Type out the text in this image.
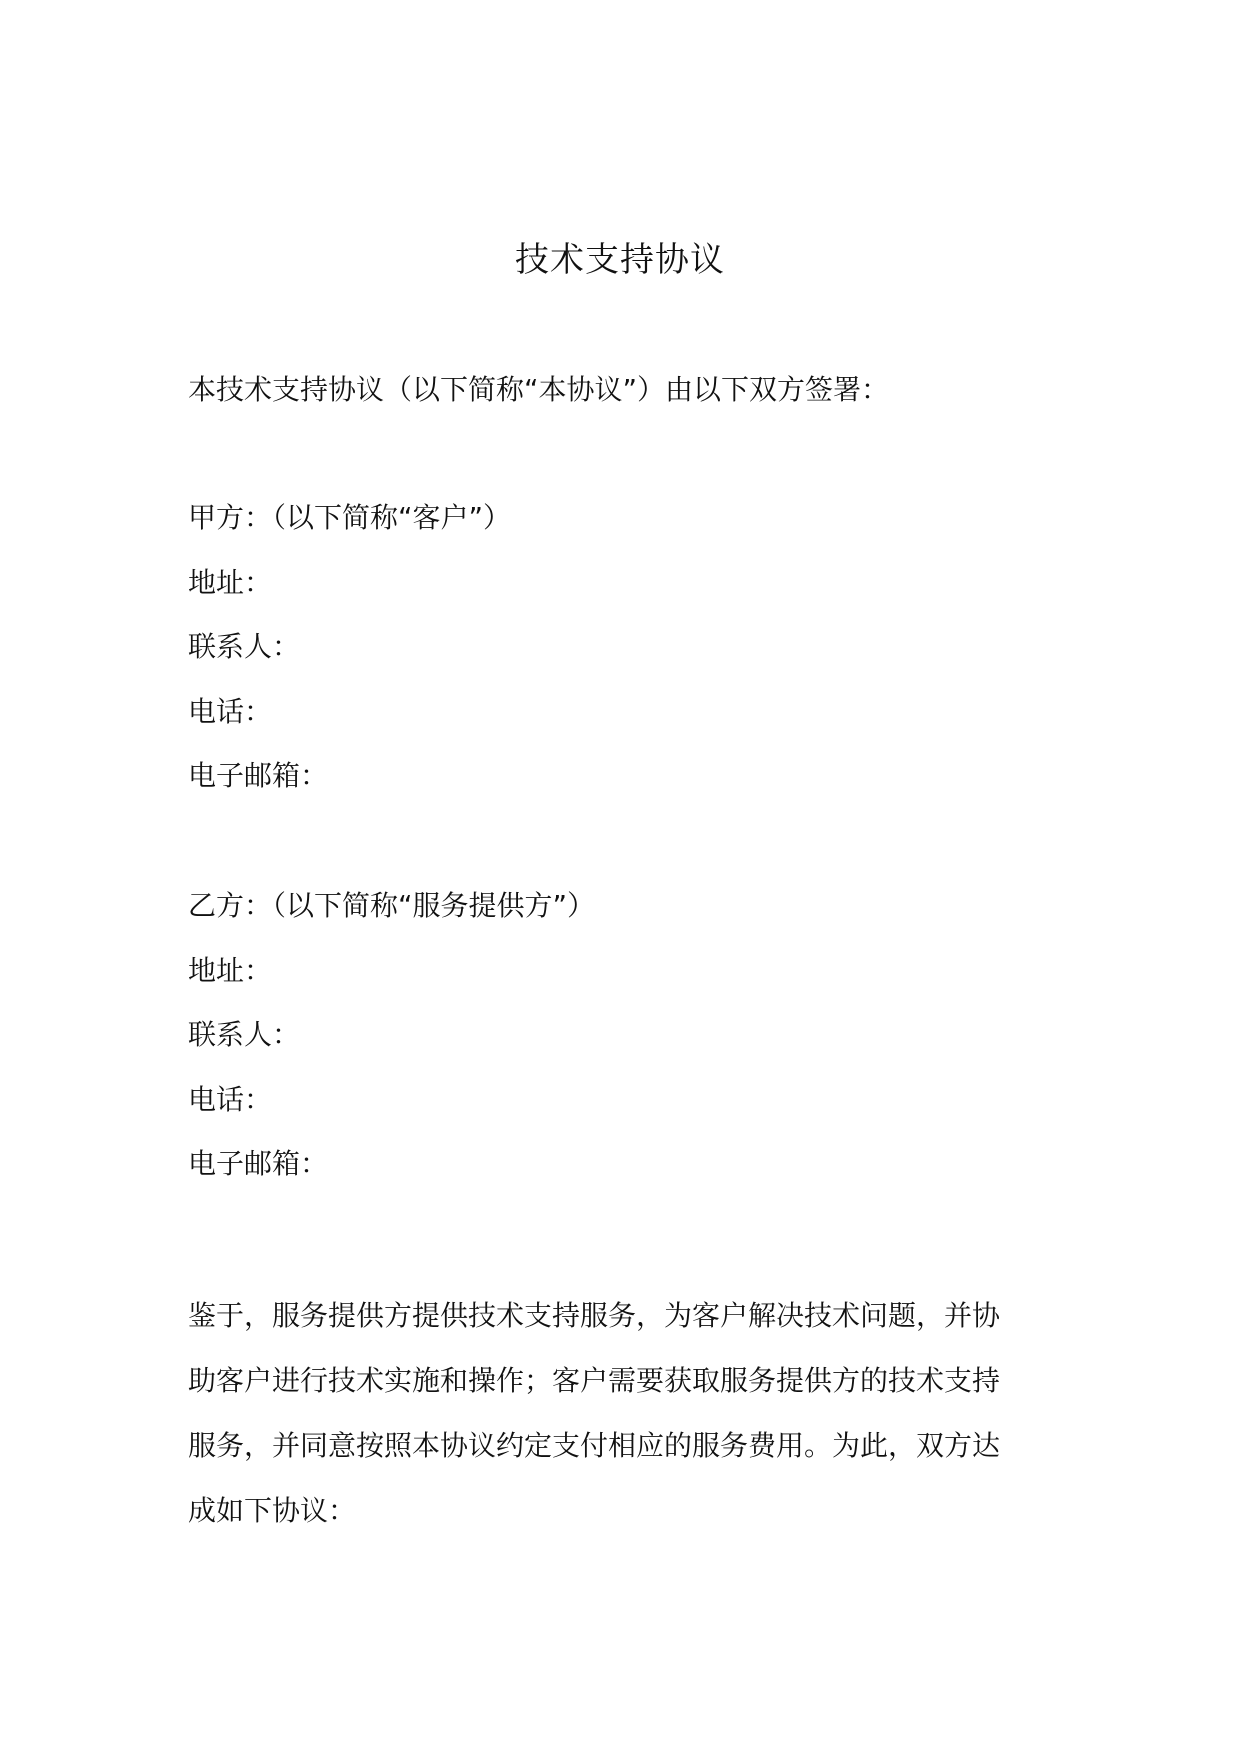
技术支持协议
本技术支持协议（以下简称“本协议”）由以下双方签署：
甲方：（以下简称“客户”）
地址：
联系人：
电话：
电子邮箱：
乙方：（以下简称“服务提供方”）
地址：
联系人：
电话：
电子邮箱：
鉴于，服务提供方提供技术支持服务，为客户解决技术问题，并协
助客户进行技术实施和操作；客户需要获取服务提供方的技术支持
服务，并同意按照本协议约定支付相应的服务费用。为此，双方达
成如下协议：
